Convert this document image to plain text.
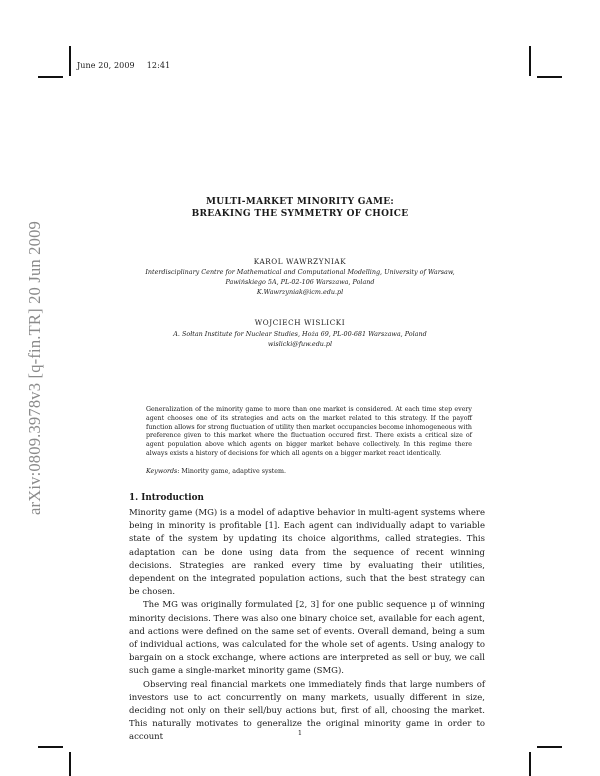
June 20, 2009 12:41
arXiv:0809.3978v3 [q-fin.TR] 20 Jun 2009
MULTI-MARKET MINORITY GAME:
BREAKING THE SYMMETRY OF CHOICE
KAROL WAWRZYNIAK
Interdisciplinary Centre for Mathematical and Computational Modelling, University of Warsaw,
Pawińskiego 5A, PL-02-106 Warszawa, Poland
K.Wawrzyniak@icm.edu.pl
WOJCIECH WISLICKI
A. Sołtan Institute for Nuclear Studies, Hoża 69, PL-00-681 Warszawa, Poland
wislicki@fuw.edu.pl
Generalization of the minority game to more than one market is considered. At each time step every agent chooses one of its strategies and acts on the market related to this strategy. If the payoff function allows for strong fluctuation of utility then market occupancies become inhomogeneous with preference given to this market where the fluctuation occured first. There exists a critical size of agent population above which agents on bigger market behave collectively. In this regime there always exists a history of decisions for which all agents on a bigger market react identically.
Keywords: Minority game, adaptive system.
1. Introduction

Minority game (MG) is a model of adaptive behavior in multi-agent systems where being in minority is profitable [1]. Each agent can individually adapt to variable state of the system by updating its choice algorithms, called strategies. This adaptation can be done using data from the sequence of recent winning decisions. Strategies are ranked every time by evaluating their utilities, dependent on the integrated population actions, such that the best strategy can be chosen.

The MG was originally formulated [2, 3] for one public sequence μ of winning minority decisions. There was also one binary choice set, available for each agent, and actions were defined on the same set of events. Overall demand, being a sum of individual actions, was calculated for the whole set of agents. Using analogy to bargain on a stock exchange, where actions are interpreted as sell or buy, we call such game a single-market minority game (SMG).

Observing real financial markets one immediately finds that large numbers of investors use to act concurrently on many markets, usually different in size, deciding not only on their sell/buy actions but, first of all, choosing the market. This naturally motivates to generalize the original minority game in order to account	1
